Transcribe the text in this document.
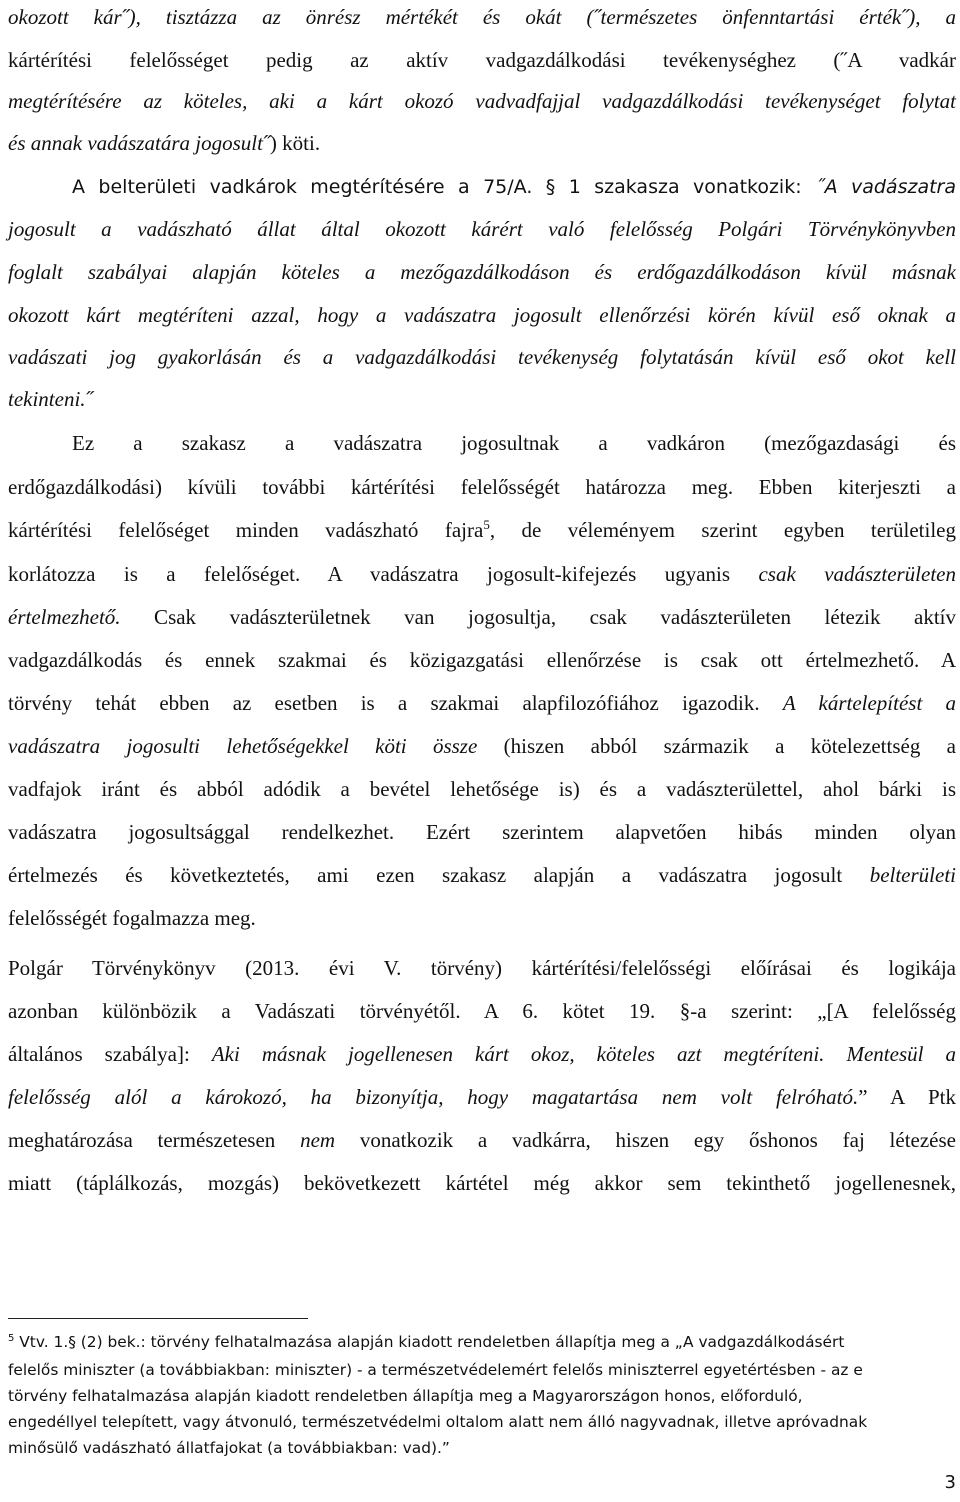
okozott kár˝), tisztázza az önrész mértékét és okát (˝természetes önfenntartási érték˝), a
kártérítési felelősséget pedig az aktív vadgazdálkodási tevékenységhez (˝A vadkár
megtérítésére az köteles, aki a kárt okozó vadvadfajjal vadgazdálkodási tevékenységet folytat
és annak vadászatára jogosult˝) köti.
A belterületi vadkárok megtérítésére a 75/A. § 1 szakasza vonatkozik: ˝A vadászatra
jogosult a vadászható állat által okozott kárért való felelősség Polgári Törvénykönyvben
foglalt szabályai alapján köteles a mezőgazdálkodáson és erdőgazdálkodáson kívül másnak
okozott kárt megtéríteni azzal, hogy a vadászatra jogosult ellenőrzési körén kívül eső oknak a
vadászati jog gyakorlásán és a vadgazdálkodási tevékenység folytatásán kívül eső okot kell
tekinteni.˝
Ez a szakasz a vadászatra jogosultnak a vadkáron (mezőgazdasági és
erdőgazdálkodási) kívüli további kártérítési felelősségét határozza meg. Ebben kiterjeszti a
kártérítési felelőséget minden vadászható fajra$^5$, de véleményem szerint egyben területileg
korlátozza is a felelőséget. A vadászatra jogosult-kifejezés ugyanis csak vadászterületen
értelmezhető. Csak vadászterületnek van jogosultja, csak vadászterületen létezik aktív
vadgazdálkodás és ennek szakmai és közigazgatási ellenőrzése is csak ott értelmezhető. A
törvény tehát ebben az esetben is a szakmai alapfilozófiához igazodik. A kártelepítést a
vadászatra jogosulti lehetőségekkel köti össze (hiszen abból származik a kötelezettség a
vadfajok iránt és abból adódik a bevétel lehetősége is) és a vadászterülettel, ahol bárki is
vadászatra jogosultsággal rendelkezhet. Ezért szerintem alapvetően hibás minden olyan
értelmezés és következtetés, ami ezen szakasz alapján a vadászatra jogosult belterületi
felelősségét fogalmazza meg.
Polgár Törvénykönyv (2013. évi V. törvény) kártérítési/felelősségi előírásai és logikája
azonban különbözik a Vadászati törvényétől. A 6. kötet 19. §-a szerint: „[A felelősség
általános szabálya]: Aki másnak jogellenesen kárt okoz, köteles azt megtéríteni. Mentesül a
felelősség alól a károkozó, ha bizonyítja, hogy magatartása nem volt felróható.” A Ptk
meghatározása természetesen nem vonatkozik a vadkárra, hiszen egy őshonos faj létezése
miatt (táplálkozás, mozgás) bekövetkezett kártétel még akkor sem tekinthető jogellenesnek,
$^5$ Vtv. 1.§ (2) bek.: törvény felhatalmazása alapján kiadott rendeletben állapítja meg a „A vadgazdálkodásért
felelős miniszter (a továbbiakban: miniszter) - a természetvédelemért felelős miniszterrel egyetértésben - az e
törvény felhatalmazása alapján kiadott rendeletben állapítja meg a Magyarországon honos, előforduló,
engedéllyel telepített, vagy átvonuló, természetvédelmi oltalom alatt nem álló nagyvadnak, illetve apróvadnak
minősülő vadászható állatfajokat (a továbbiakban: vad).”
3
